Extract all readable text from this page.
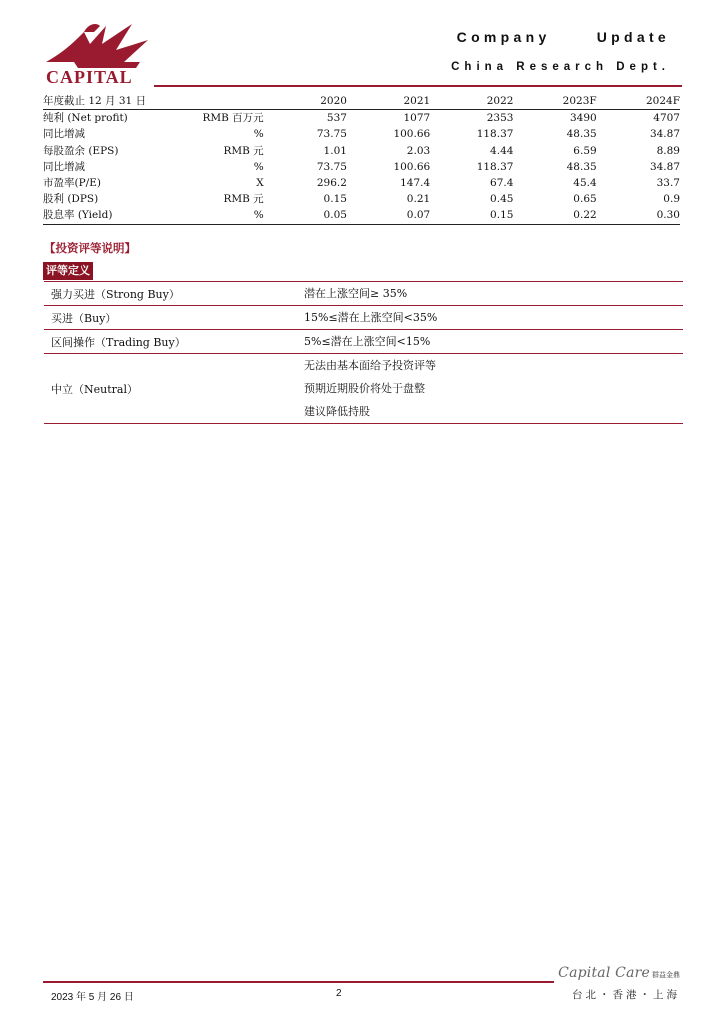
CAPITAL
Company Update
China Research Dept.
年度截止 12 月 31 日		2020	2021	2022	2023F	2024F
纯利 (Net profit)	RMB 百万元	537	1077	2353	3490	4707
同比增减	%	73.75	100.66	118.37	48.35	34.87
每股盈余 (EPS)	RMB 元	1.01	2.03	4.44	6.59	8.89
同比增减	%	73.75	100.66	118.37	48.35	34.87
市盈率(P/E)	X	296.2	147.4	67.4	45.4	33.7
股利 (DPS)	RMB 元	0.15	0.21	0.45	0.65	0.9
股息率 (Yield)	%	0.05	0.07	0.15	0.22	0.30
【投资评等说明】
评等定义
强力买进（Strong Buy）	潜在上涨空间≥ 35%

买进（Buy）	15%≤潜在上涨空间<35%

区间操作（Trading Buy）	5%≤潜在上涨空间<15%

中立（Neutral）	无法由基本面给予投资评等
预期近期股价将处于盘整
建议降低持股
Capital Care 群益金鼎
台北・香港・上海
2023 年 5 月 26 日	2
